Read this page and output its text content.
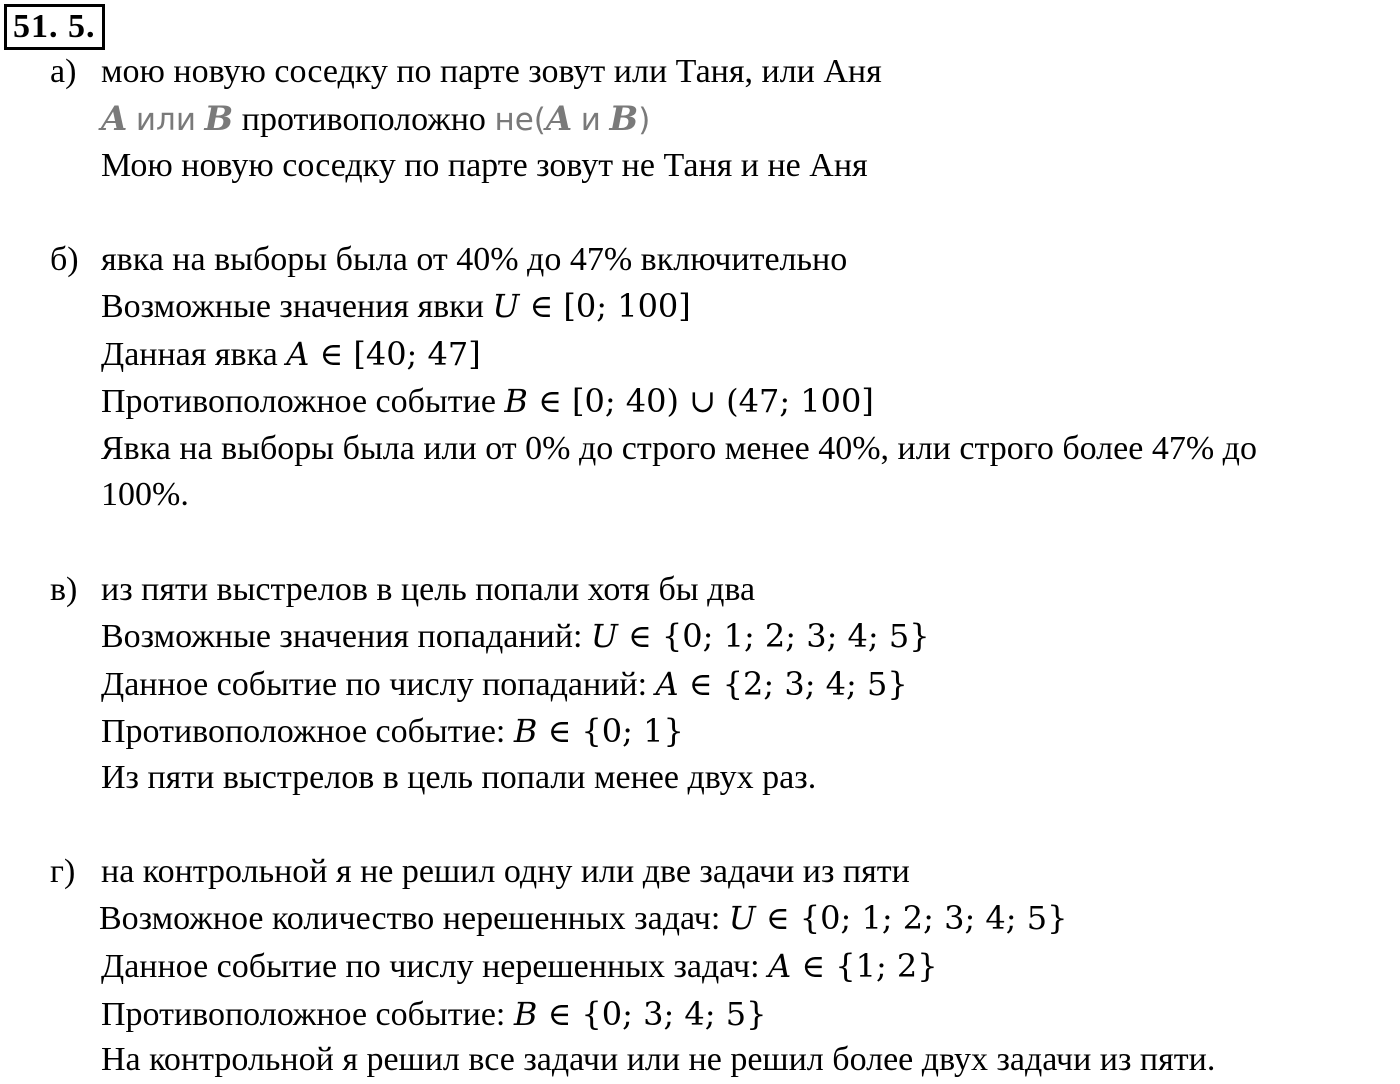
51. 5.
а) мою новую соседку по парте зовут или Таня, или Аня
A или B противоположно не(A и B)
Мою новую соседку по парте зовут не Таня и не Аня
б) явка на выборы была от 40% до 47% включительно
Возможные значения явки U ∈ [0; 100]
Данная явка A ∈ [40; 47]
Противоположное событие B ∈ [0; 40) ∪ (47; 100]
Явка на выборы была или от 0% до строго менее 40%, или строго более 47% до
100%.
в) из пяти выстрелов в цель попали хотя бы два
Возможные значения попаданий: U ∈ {0; 1; 2; 3; 4; 5}
Данное событие по числу попаданий: A ∈ {2; 3; 4; 5}
Противоположное событие: B ∈ {0; 1}
Из пяти выстрелов в цель попали менее двух раз.
г) на контрольной я не решил одну или две задачи из пяти
Возможное количество нерешенных задач: U ∈ {0; 1; 2; 3; 4; 5}
Данное событие по числу нерешенных задач: A ∈ {1; 2}
Противоположное событие: B ∈ {0; 3; 4; 5}
На контрольной я решил все задачи или не решил более двух задачи из пяти.
